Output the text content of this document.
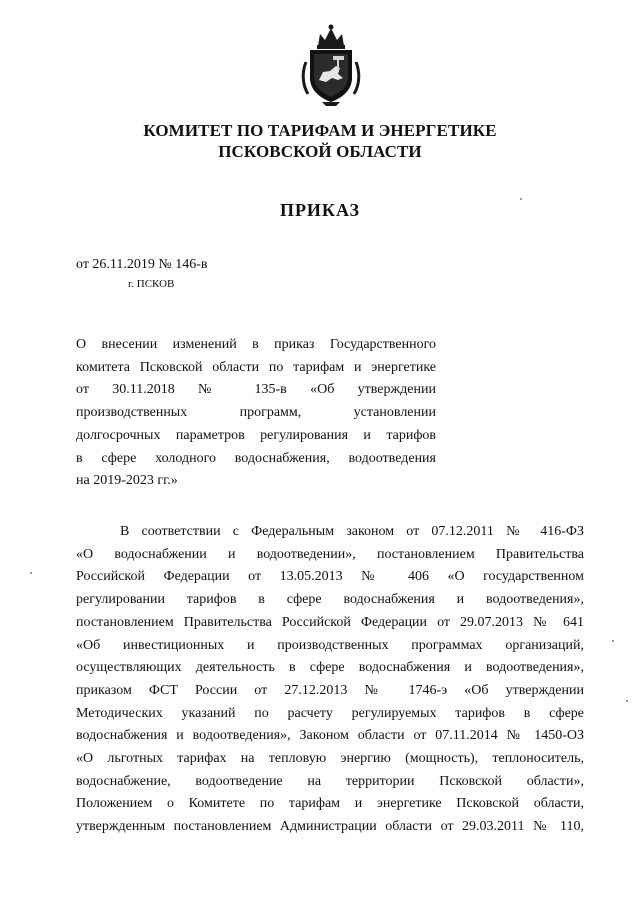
КОМИТЕТ ПО ТАРИФАМ И ЭНЕРГЕТИКЕ
ПСКОВСКОЙ ОБЛАСТИ
ПРИКАЗ
от 26.11.2019 № 146-в
г. ПСКОВ
О внесении изменений в приказ Государственного
комитета Псковской области по тарифам и энергетике
от 30.11.2018 № 135-в «Об утверждении
производственных программ, установлении
долгосрочных параметров регулирования и тарифов
в сфере холодного водоснабжения, водоотведения
на 2019-2023 гг.»
В соответствии с Федеральным законом от 07.12.2011 № 416-ФЗ
«О водоснабжении и водоотведении», постановлением Правительства
Российской Федерации от 13.05.2013 № 406 «О государственном
регулировании тарифов в сфере водоснабжения и водоотведения»,
постановлением Правительства Российской Федерации от 29.07.2013 № 641
«Об инвестиционных и производственных программах организаций,
осуществляющих деятельность в сфере водоснабжения и водоотведения»,
приказом ФСТ России от 27.12.2013 № 1746-э «Об утверждении
Методических указаний по расчету регулируемых тарифов в сфере
водоснабжения и водоотведения», Законом области от 07.11.2014 № 1450-ОЗ
«О льготных тарифах на тепловую энергию (мощность), теплоноситель,
водоснабжение, водоотведение на территории Псковской области»,
Положением о Комитете по тарифам и энергетике Псковской области,
утвержденным постановлением Администрации области от 29.03.2011 № 110,
